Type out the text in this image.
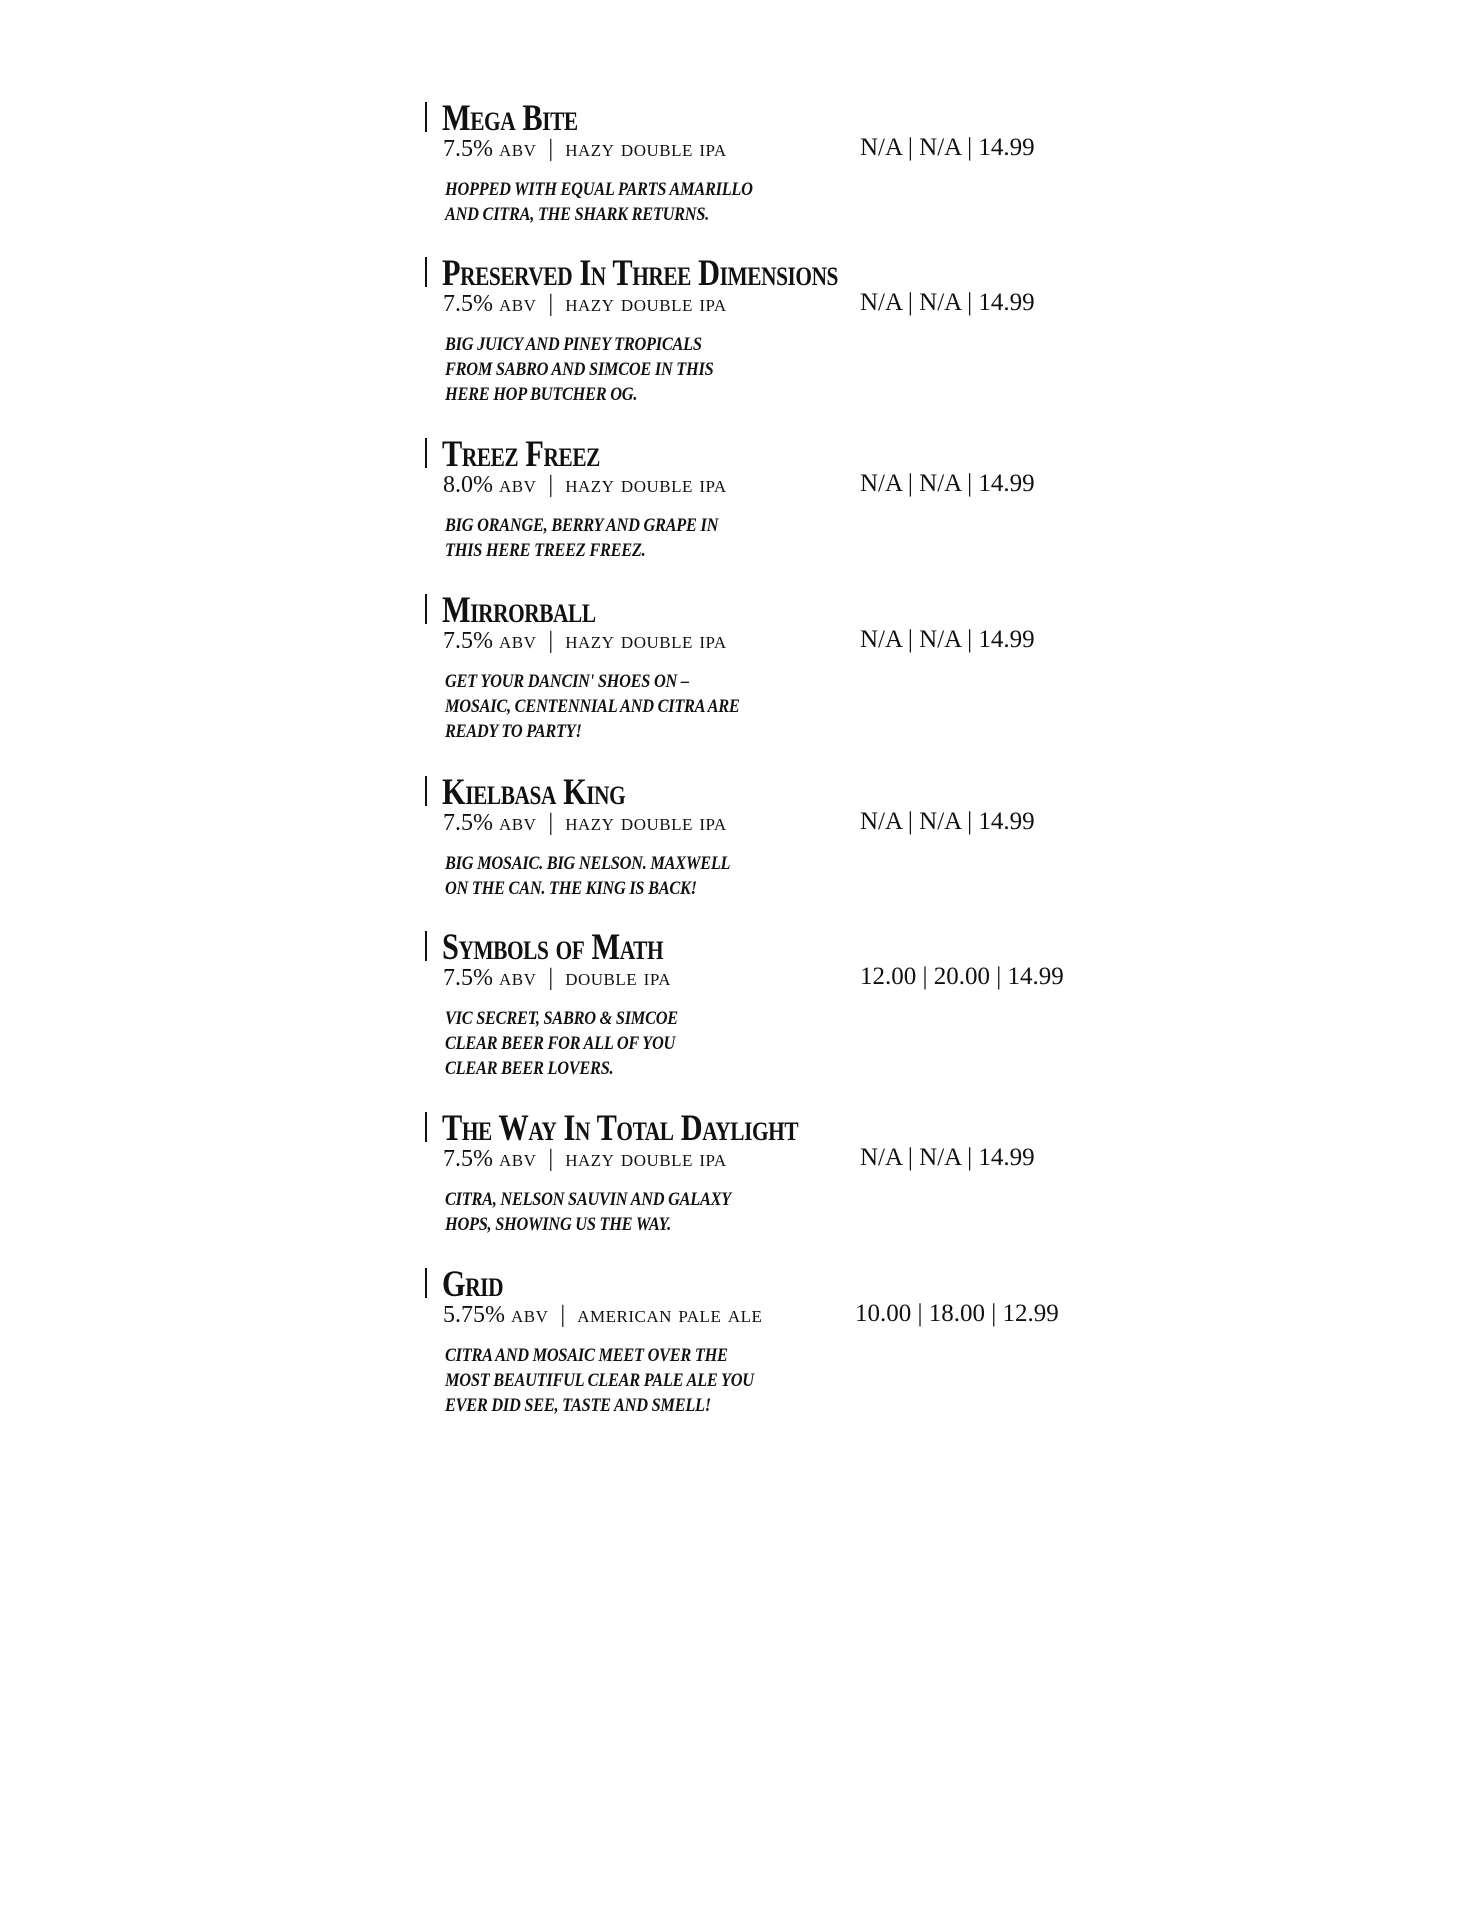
Mega Bite
7.5% abv | hazy double ipa	N/A | N/A | 14.99
HOPPED WITH EQUAL PARTS AMARILLO AND CITRA, THE SHARK RETURNS.
Preserved In Three Dimensions
7.5% abv | hazy double ipa	N/A | N/A | 14.99
BIG JUICY AND PINEY TROPICALS FROM SABRO AND SIMCOE IN THIS HERE HOP BUTCHER OG.
Treez Freez
8.0% abv | hazy double ipa	N/A | N/A | 14.99
BIG ORANGE, BERRY AND GRAPE IN THIS HERE TREEZ FREEZ.
Mirrorball
7.5% abv | hazy double ipa	N/A | N/A | 14.99
GET YOUR DANCIN' SHOES ON – MOSAIC, CENTENNIAL AND CITRA ARE READY TO PARTY!
Kielbasa King
7.5% abv | hazy double ipa	N/A | N/A | 14.99
BIG MOSAIC. BIG NELSON. MAXWELL ON THE CAN. THE KING IS BACK!
Symbols of Math
7.5% abv | double ipa	12.00 | 20.00 | 14.99
VIC SECRET, SABRO & SIMCOE CLEAR BEER FOR ALL OF YOU CLEAR BEER LOVERS.
The Way In Total Daylight
7.5% abv | hazy double ipa	N/A | N/A | 14.99
CITRA, NELSON SAUVIN AND GALAXY HOPS, SHOWING US THE WAY.
Grid
5.75% abv | american pale ale	10.00 | 18.00 | 12.99
CITRA AND MOSAIC MEET OVER THE MOST BEAUTIFUL CLEAR PALE ALE YOU EVER DID SEE, TASTE AND SMELL!
